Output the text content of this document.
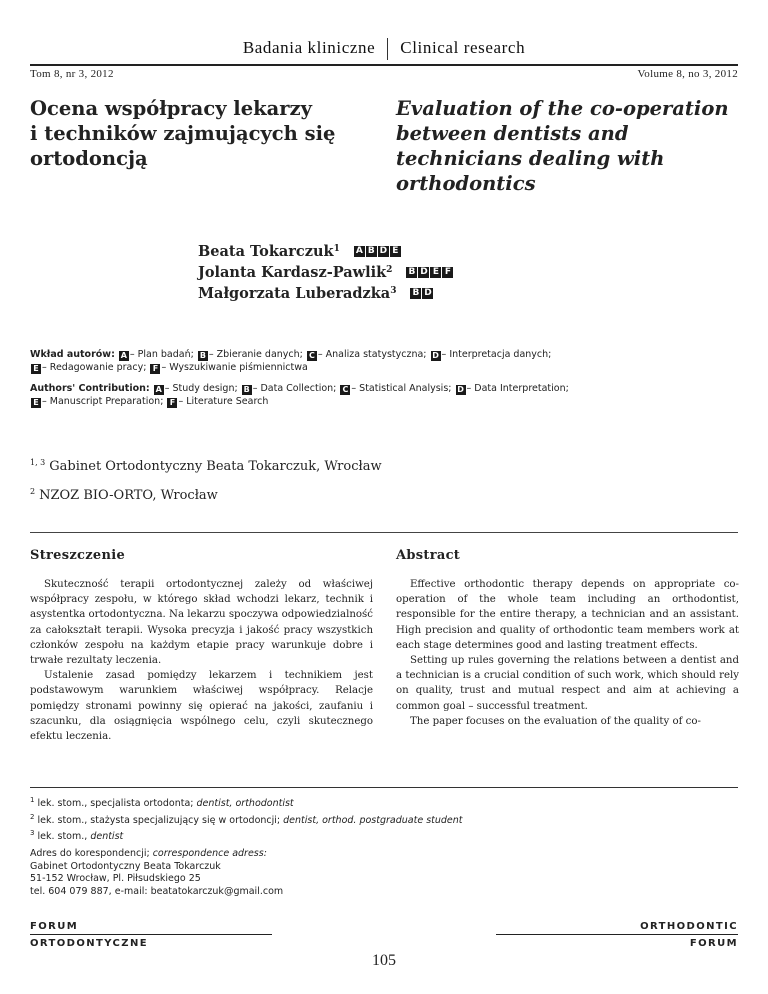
Badania kliniczne Clinical research
Tom 8, nr 3, 2012	Volume 8, no 3, 2012
Ocena współpracy lekarzy
i techników zajmujących się
ortodoncją
Evaluation of the co-operation
between dentists and
technicians dealing with
orthodontics
Beata Tokarczuk$^1$ A B D E
Jolanta Kardasz-Pawlik$^2$ B D E F
Małgorzata Luberadzka$^3$ B D
Wkład autorów: A – Plan badań; B – Zbieranie danych; C – Analiza statystyczna; D – Interpretacja danych;
E – Redagowanie pracy; F – Wyszukiwanie piśmiennictwa
Authors' Contribution: A – Study design; B – Data Collection; C – Statistical Analysis; D – Data Interpretation;
E – Manuscript Preparation; F – Literature Search
$^{1, 3}$ Gabinet Ortodontyczny Beata Tokarczuk, Wrocław
$^2$ NZOZ BIO-ORTO, Wrocław
Streszczenie	Abstract

Skuteczność terapii ortodontycznej zależy od właściwej współpracy zespołu, w którego skład wchodzi lekarz, technik i asystentka ortodontyczna. Na lekarzu spoczywa odpowiedzialność za całokształt terapii. Wysoka precyzja i jakość pracy wszystkich członków zespołu na każdym etapie pracy warunkuje dobre i trwałe rezultaty leczenia.

Ustalenie zasad pomiędzy lekarzem i technikiem jest podstawowym warunkiem właściwej współpracy. Relacje pomiędzy stronami powinny się opierać na jakości, zaufaniu i szacunku, dla osiągnięcia wspólnego celu, czyli skutecznego efektu leczenia.

Effective orthodontic therapy depends on appropriate co-operation of the whole team including an orthodontist, responsible for the entire therapy, a technician and an assistant. High precision and quality of orthodontic team members work at each stage determines good and lasting treatment effects.

Setting up rules governing the relations between a dentist and a technician is a crucial condition of such work, which should rely on quality, trust and mutual respect and aim at achieving a common goal – successful treatment.

The paper focuses on the evaluation of the quality of co-

$^1$ lek. stom., specjalista ortodonta; dentist, orthodontist
$^2$ lek. stom., stażysta specjalizujący się w ortodoncji; dentist, orthod. postgraduate student
$^3$ lek. stom., dentist
Adres do korespondencji; correspondence adress:
Gabinet Ortodontyczny Beata Tokarczuk
51-152 Wrocław, Pl. Piłsudskiego 25
tel. 604 079 887, e-mail: beatatokarczuk@gmail.com
FORUM
ORTODONTYCZNE
ORTHODONTIC
FORUM
105
